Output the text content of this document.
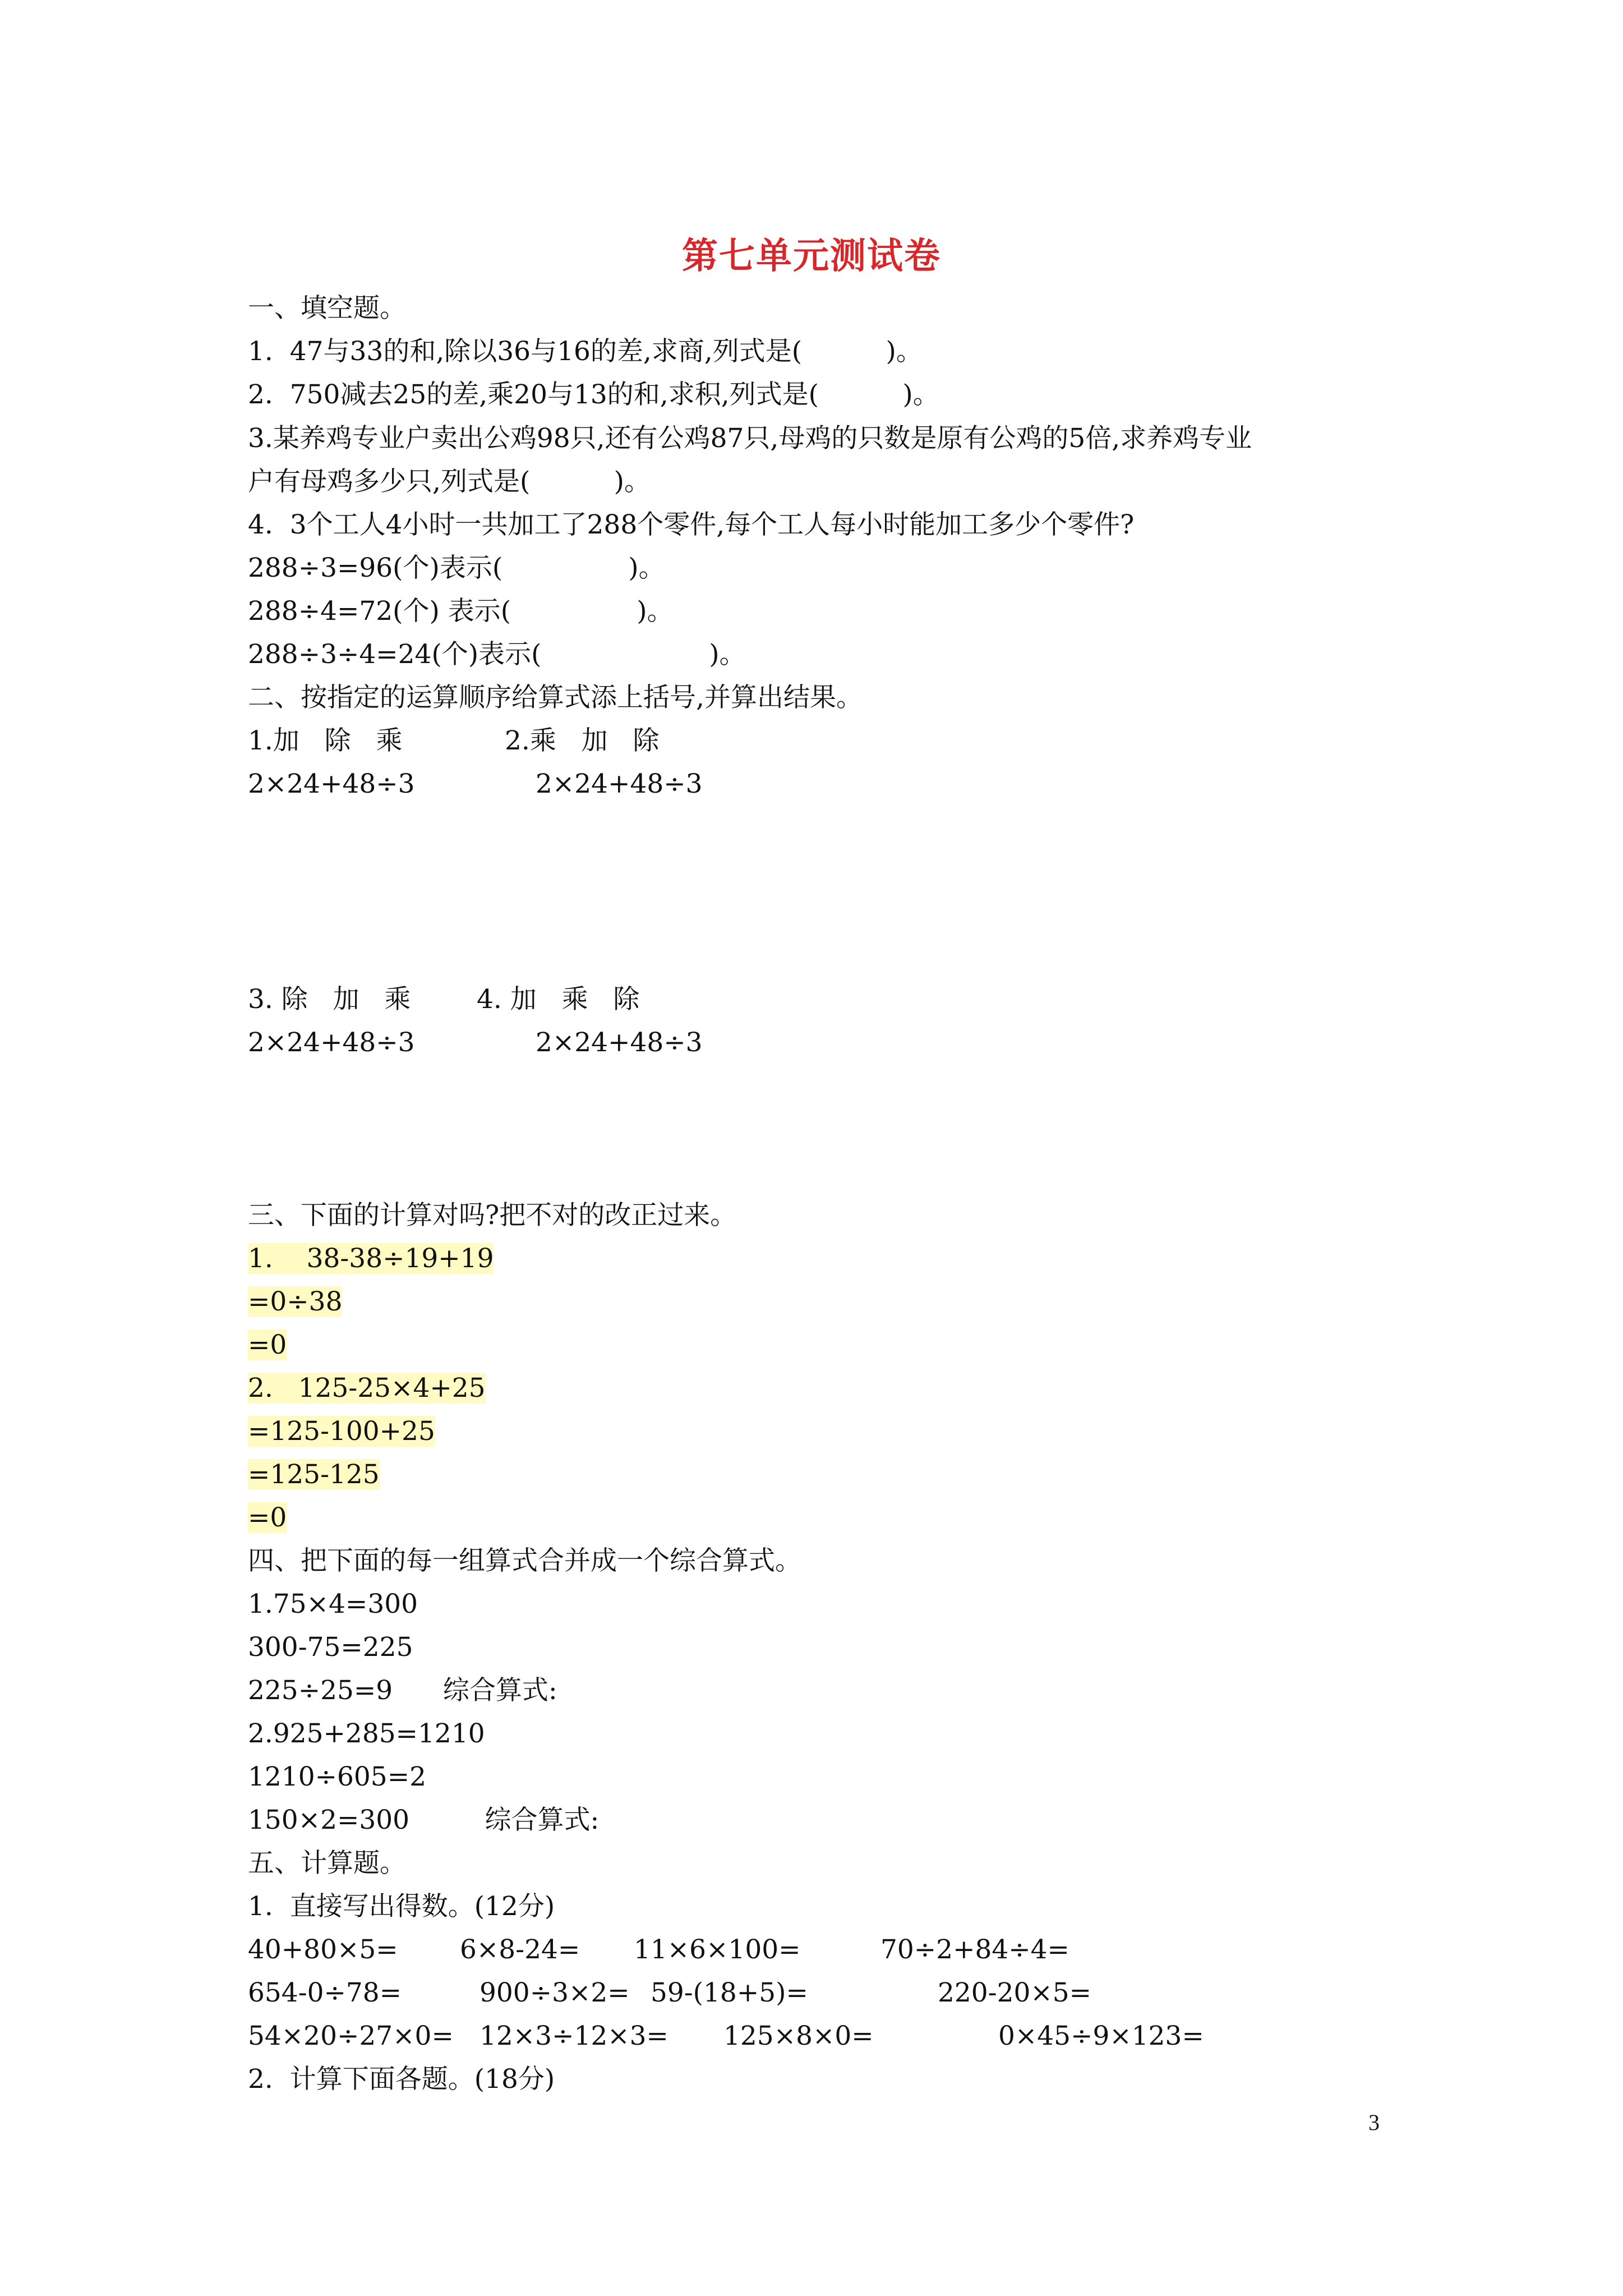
第七单元测试卷
一、填空题。
1.  47与33的和,除以36与16的差,求商,列式是(          )。
2.  750减去25的差,乘20与13的和,求积,列式是(          )。
3.某养鸡专业户卖出公鸡98只,还有公鸡87只,母鸡的只数是原有公鸡的5倍,求养鸡专业
户有母鸡多少只,列式是(          )。
4.  3个工人4小时一共加工了288个零件,每个工人每小时能加工多少个零件?
288÷3=96(个)表示(               )。
288÷4=72(个) 表示(               )。
288÷3÷4=24(个)表示(                    )。
二、按指定的运算顺序给算式添上括号,并算出结果。
1.加   除   乘	2.乘   加   除
2×24+48÷3	2×24+48÷3
3. 除   加   乘	4. 加   乘   除
2×24+48÷3	2×24+48÷3
三、下面的计算对吗?把不对的改正过来。
1.    38-38÷19+19
=0÷38
=0
2.   125-25×4+25
=125-100+25
=125-125
=0
四、把下面的每一组算式合并成一个综合算式。
1.75×4=300
300-75=225
225÷25=9      综合算式:
2.925+285=1210
1210÷605=2
150×2=300         综合算式:
五、计算题。
1.  直接写出得数。(12分)
40+80×5= 6×8-24= 11×6×100=	70÷2+84÷4=
654-0÷78=	900÷3×2= 59-(18+5)=	220-20×5=
54×20÷27×0= 12×3÷12×3= 125×8×0=	0×45÷9×123=
2.  计算下面各题。(18分)
3
